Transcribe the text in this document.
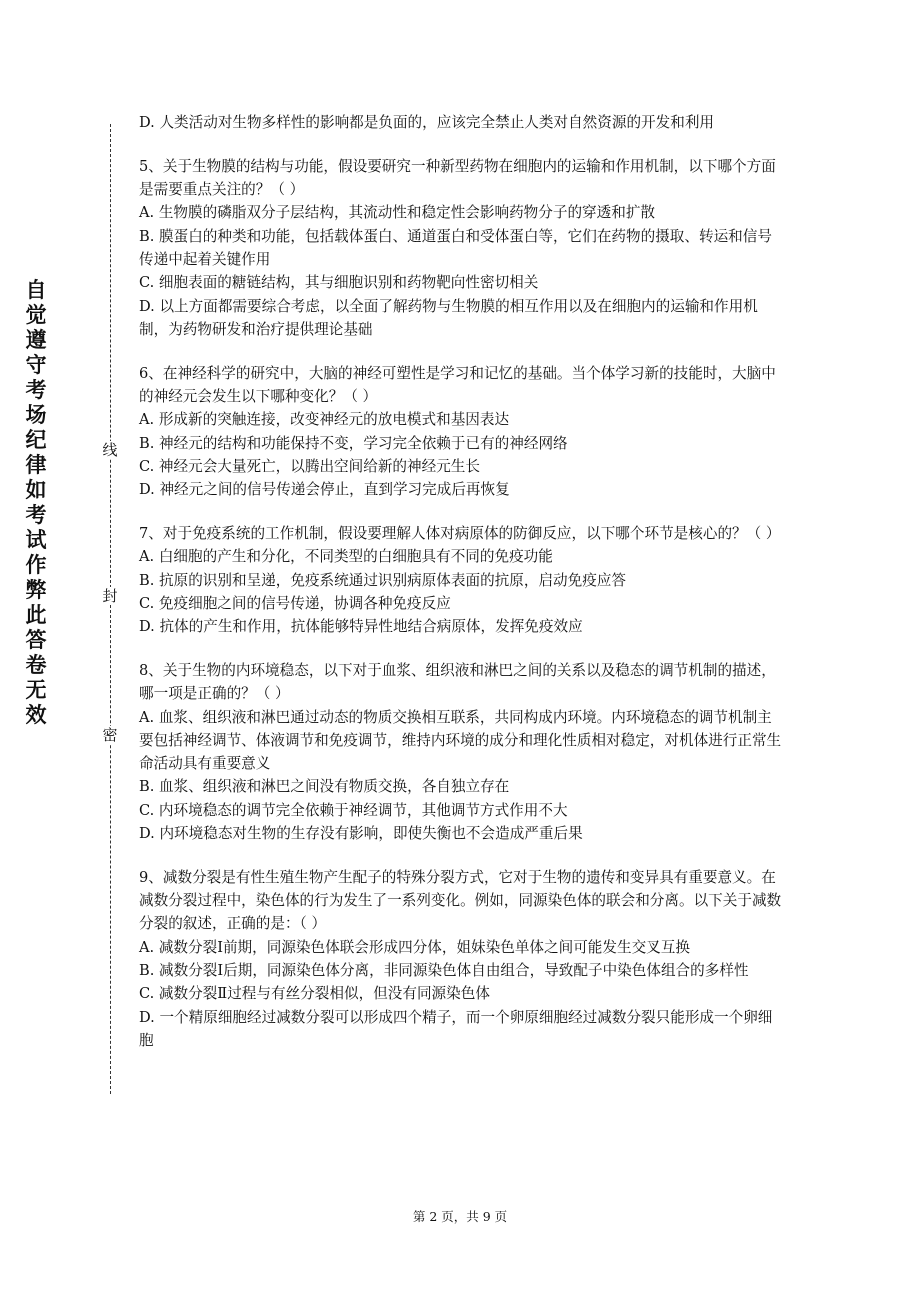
自觉遵守考场纪律如考试作弊此答卷无效
线
封
密

D. 人类活动对生物多样性的影响都是负面的，应该完全禁止人类对自然资源的开发和利用

5、关于生物膜的结构与功能，假设要研究一种新型药物在细胞内的运输和作用机制，以下哪个方面是需要重点关注的？（ ）

A. 生物膜的磷脂双分子层结构，其流动性和稳定性会影响药物分子的穿透和扩散

B. 膜蛋白的种类和功能，包括载体蛋白、通道蛋白和受体蛋白等，它们在药物的摄取、转运和信号传递中起着关键作用

C. 细胞表面的糖链结构，其与细胞识别和药物靶向性密切相关

D. 以上方面都需要综合考虑，以全面了解药物与生物膜的相互作用以及在细胞内的运输和作用机制，为药物研发和治疗提供理论基础

6、在神经科学的研究中，大脑的神经可塑性是学习和记忆的基础。当个体学习新的技能时，大脑中的神经元会发生以下哪种变化？（ ）

A. 形成新的突触连接，改变神经元的放电模式和基因表达

B. 神经元的结构和功能保持不变，学习完全依赖于已有的神经网络

C. 神经元会大量死亡，以腾出空间给新的神经元生长

D. 神经元之间的信号传递会停止，直到学习完成后再恢复

7、对于免疫系统的工作机制，假设要理解人体对病原体的防御反应，以下哪个环节是核心的？（ ）

A. 白细胞的产生和分化，不同类型的白细胞具有不同的免疫功能

B. 抗原的识别和呈递，免疫系统通过识别病原体表面的抗原，启动免疫应答

C. 免疫细胞之间的信号传递，协调各种免疫反应

D. 抗体的产生和作用，抗体能够特异性地结合病原体，发挥免疫效应

8、关于生物的内环境稳态，以下对于血浆、组织液和淋巴之间的关系以及稳态的调节机制的描述，哪一项是正确的？（ ）

A. 血浆、组织液和淋巴通过动态的物质交换相互联系，共同构成内环境。内环境稳态的调节机制主要包括神经调节、体液调节和免疫调节，维持内环境的成分和理化性质相对稳定，对机体进行正常生命活动具有重要意义

B. 血浆、组织液和淋巴之间没有物质交换，各自独立存在

C. 内环境稳态的调节完全依赖于神经调节，其他调节方式作用不大

D. 内环境稳态对生物的生存没有影响，即使失衡也不会造成严重后果

9、减数分裂是有性生殖生物产生配子的特殊分裂方式，它对于生物的遗传和变异具有重要意义。在减数分裂过程中，染色体的行为发生了一系列变化。例如，同源染色体的联会和分离。以下关于减数分裂的叙述，正确的是：（ ）

A. 减数分裂Ⅰ前期，同源染色体联会形成四分体，姐妹染色单体之间可能发生交叉互换

B. 减数分裂Ⅰ后期，同源染色体分离，非同源染色体自由组合，导致配子中染色体组合的多样性

C. 减数分裂Ⅱ过程与有丝分裂相似，但没有同源染色体

D. 一个精原细胞经过减数分裂可以形成四个精子，而一个卵原细胞经过减数分裂只能形成一个卵细胞

第 2 页，共 9 页
